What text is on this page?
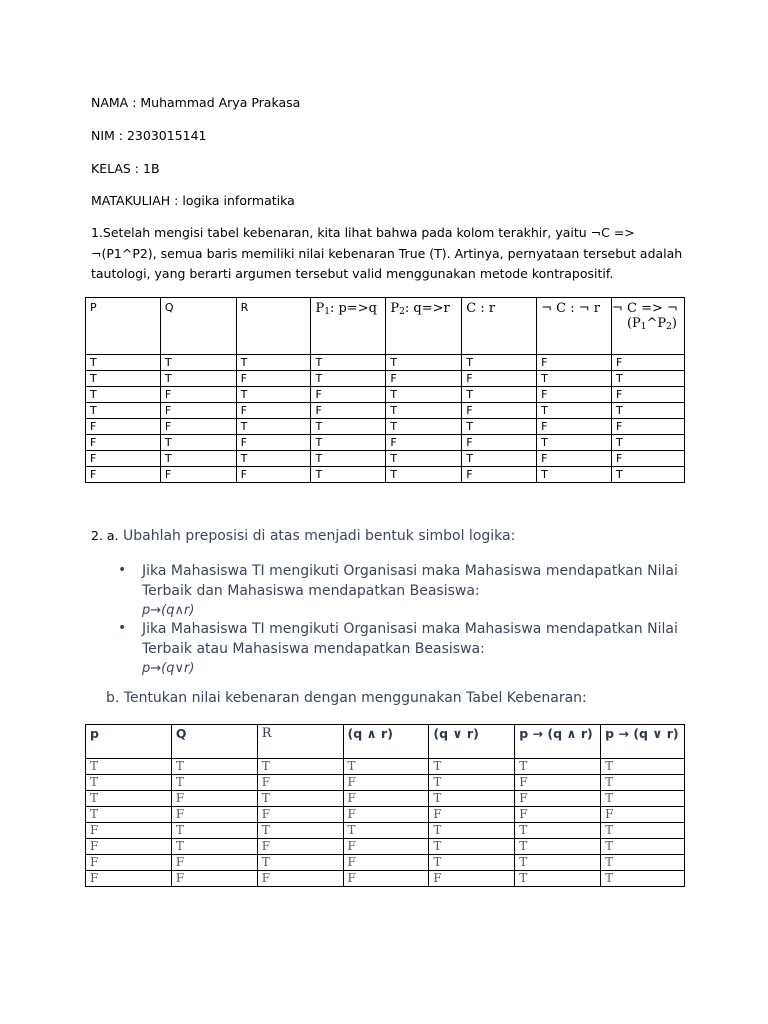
NAMA : Muhammad Arya Prakasa
NIM : 2303015141
KELAS : 1B
MATAKULIAH : logika informatika
1.Setelah mengisi tabel kebenaran, kita lihat bahwa pada kolom terakhir, yaitu ¬C => ¬(P1^P2), semua baris memiliki nilai kebenaran True (T). Artinya, pernyataan tersebut adalah tautologi, yang berarti argumen tersebut valid menggunakan metode kontrapositif.
P	Q	R	$P_1$: p=>q	$P_2$: q=>r	C : r	¬ C : ¬ r	¬ C => ¬
$(P_1\^{}P_2)$
T	T	T	T	T	T	F	F
T	T	F	T	F	F	T	T
T	F	T	F	T	T	F	F
T	F	F	F	T	F	T	T
F	F	T	T	T	T	F	F
F	T	F	T	F	F	T	T
F	T	T	T	T	T	F	F
F	F	F	T	T	F	T	T
2. a. Ubahlah preposisi di atas menjadi bentuk simbol logika:
• Jika Mahasiswa TI mengikuti Organisasi maka Mahasiswa mendapatkan Nilai Terbaik dan Mahasiswa mendapatkan Beasiswa:
p→(q∧r)
• Jika Mahasiswa TI mengikuti Organisasi maka Mahasiswa mendapatkan Nilai Terbaik atau Mahasiswa mendapatkan Beasiswa:
p→(q∨r)
b. Tentukan nilai kebenaran dengan menggunakan Tabel Kebenaran:
p	Q	R	(q ∧ r)	(q ∨ r)	p → (q ∧ r)	p → (q ∨ r)
T	T	T	T	T	T	T
T	T	F	F	T	F	T
T	F	T	F	T	F	T
T	F	F	F	F	F	F
F	T	T	T	T	T	T
F	T	F	F	T	T	T
F	F	T	F	T	T	T
F	F	F	F	F	T	T
